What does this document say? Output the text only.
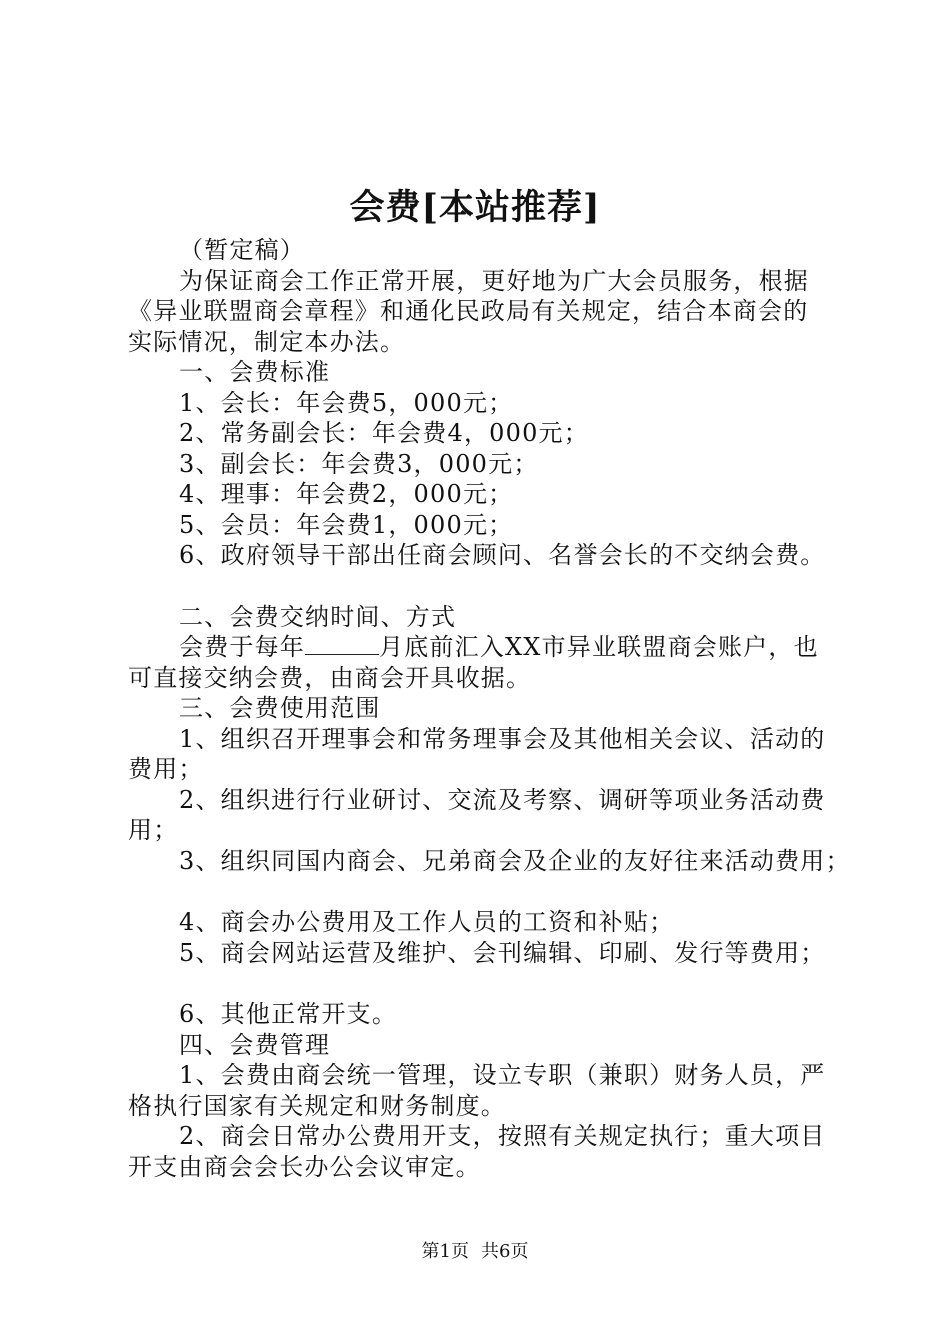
会费[本站推荐]
（暂定稿）
为保证商会工作正常开展，更好地为广大会员服务，根据
《异业联盟商会章程》和通化民政局有关规定，结合本商会的
实际情况，制定本办法。
一、会费标准
1、会长：年会费5，000元；
2、常务副会长：年会费4，000元；
3、副会长：年会费3，000元；
4、理事：年会费2，000元；
5、会员：年会费1，000元；
6、政府领导干部出任商会顾问、名誉会长的不交纳会费。
二、会费交纳时间、方式
会费于每年	月底前汇入XX市异业联盟商会账户，也
可直接交纳会费，由商会开具收据。
三、会费使用范围
1、组织召开理事会和常务理事会及其他相关会议、活动的
费用；
2、组织进行行业研讨、交流及考察、调研等项业务活动费
用；
3、组织同国内商会、兄弟商会及企业的友好往来活动费用；
4、商会办公费用及工作人员的工资和补贴；
5、商会网站运营及维护、会刊编辑、印刷、发行等费用；
6、其他正常开支。
四、会费管理
1、会费由商会统一管理，设立专职（兼职）财务人员，严
格执行国家有关规定和财务制度。
2、商会日常办公费用开支，按照有关规定执行；重大项目
开支由商会会长办公会议审定。
第1页 共6页
